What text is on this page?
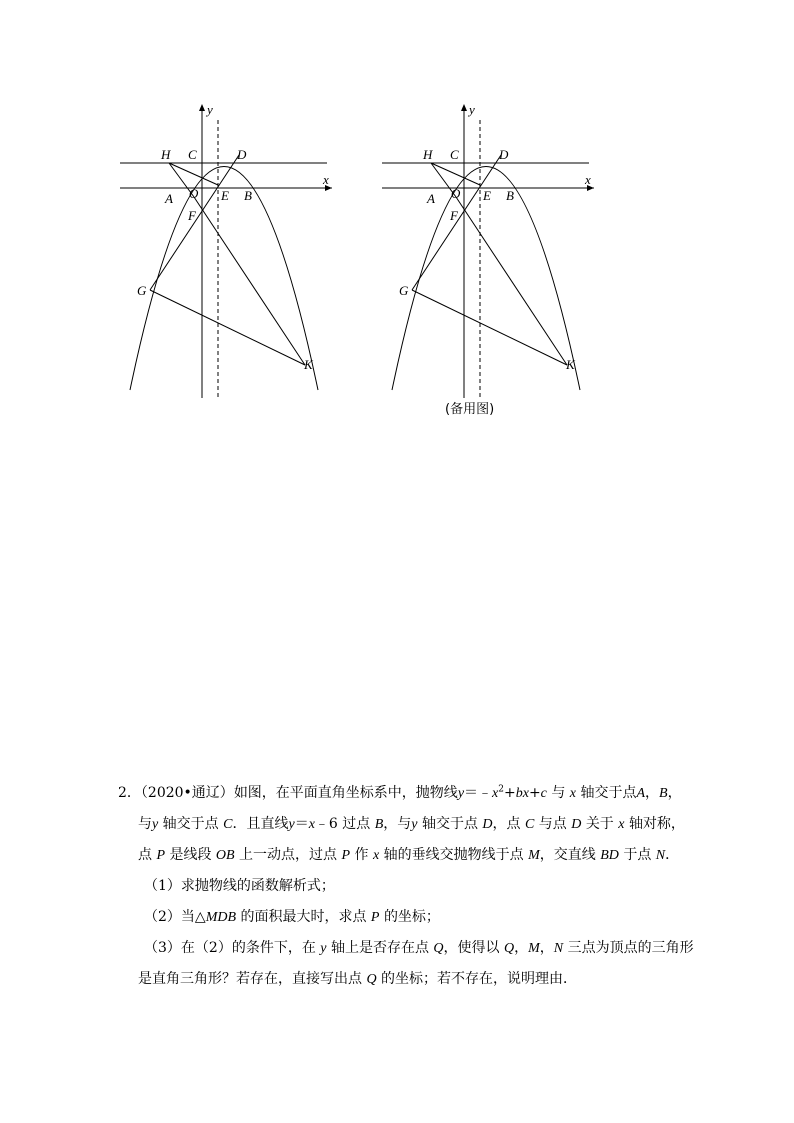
y
x
H C	D
A O E B
F
G
K
y
x
H C	D
A O E B
F
G
K
(备用图)

2．（2020•通辽）如图，在平面直角坐标系中，抛物线$y=﹣x^2+bx+c$ 与 x 轴交于点A，B，

与y 轴交于点 C．且直线y＝x﹣6 过点 B，与y 轴交于点 D，点 C 与点 D 关于 x 轴对称，

点 P 是线段 OB 上一动点，过点 P 作 x 轴的垂线交抛物线于点 M，交直线 BD 于点 N．

（1）求抛物线的函数解析式；

（2）当△MDB 的面积最大时，求点 P 的坐标；

（3）在（2）的条件下，在 y 轴上是否存在点 Q，使得以 Q，M，N 三点为顶点的三角形

是直角三角形？若存在，直接写出点 Q 的坐标；若不存在，说明理由．
